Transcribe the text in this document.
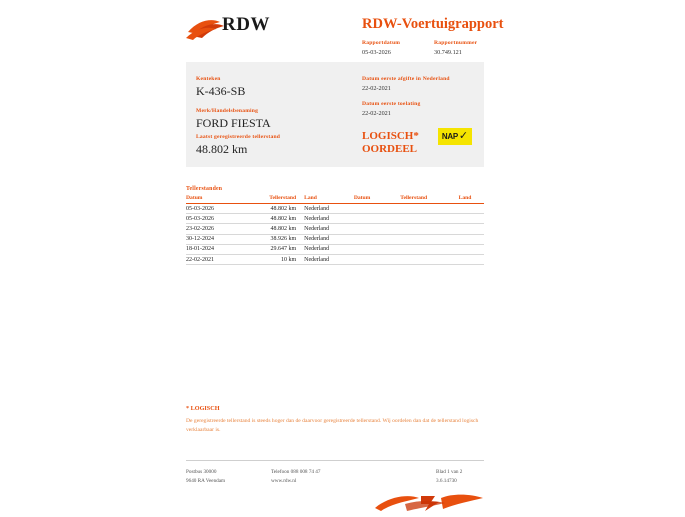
RDW	RDW-Voertuigrapport
Rapportdatum
05-03-2026
Rapportnummer
30.749.121
Kenteken
K-436-SB
Merk/Handelsbenaming
FORD FIESTA
Datum eerste afgifte in Nederland
22-02-2021
Datum eerste toelating
22-02-2021
Laatst geregistreerde tellerstand
48.802 km
LOGISCH*
OORDEEL
NAP ✓
Tellerstanden
Datum	Tellerstand	Land		Datum	Tellerstand	Land
05-03-2026	48.802 km	Nederland				
05-03-2026	48.802 km	Nederland				
23-02-2026	48.802 km	Nederland				
30-12-2024	38.926 km	Nederland				
18-01-2024	29.647 km	Nederland				
22-02-2021	10 km	Nederland				
* LOGISCH
De geregistreerde tellerstand is steeds hoger dan de daarvoor geregistreerde tellerstand. Wij oordelen dan dat de tellerstand logisch verklaarbaar is.
Postbus 30000
9640 RA Veendam
Telefoon 088 008 74 47
www.rdw.nl
Blad 1 van 2
3.6.14730
